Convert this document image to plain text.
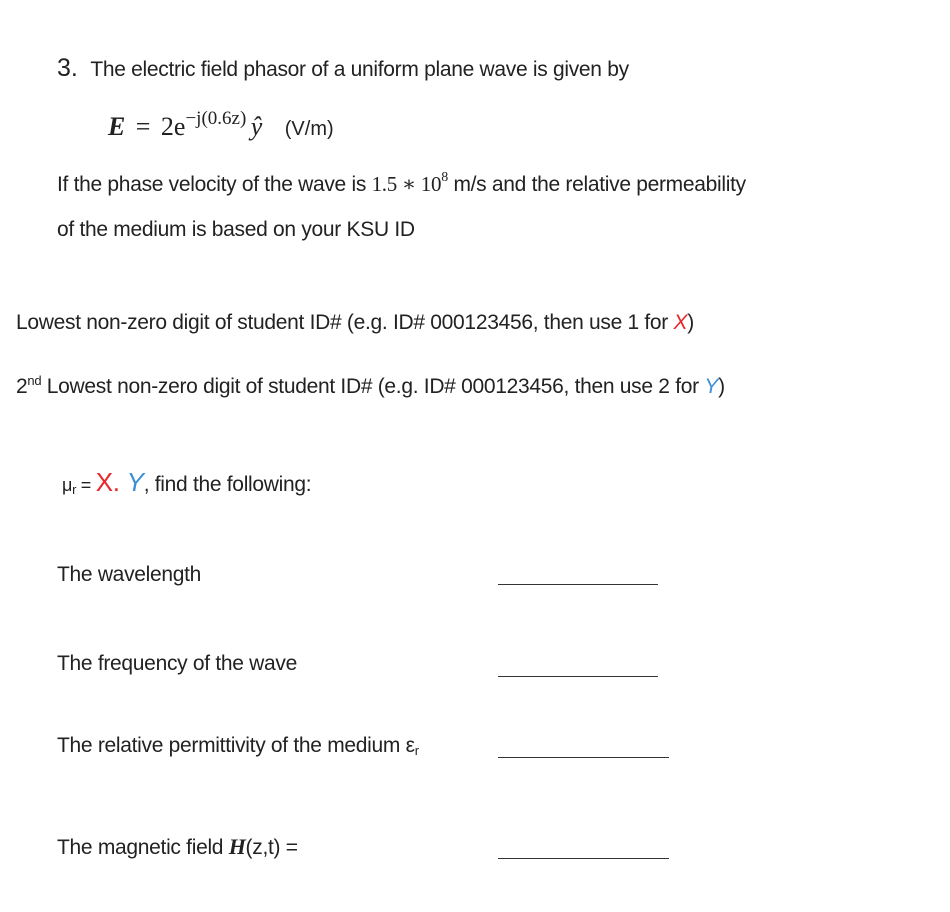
3. The electric field phasor of a uniform plane wave is given by
E = 2e−j(0.6z) ŷ (V/m)
If the phase velocity of the wave is 1.5 ∗ $10^8$ m/s and the relative permeability
of the medium is based on your KSU ID
Lowest non-zero digit of student ID# (e.g. ID# 000123456, then use 1 for X)
2nd Lowest non-zero digit of student ID# (e.g. ID# 000123456, then use 2 for Y)
$\mu_r = X$. Y, find the following:
The wavelength
The frequency of the wave
The relative permittivity of the medium $\varepsilon_r$
The magnetic field H(z,t) =
